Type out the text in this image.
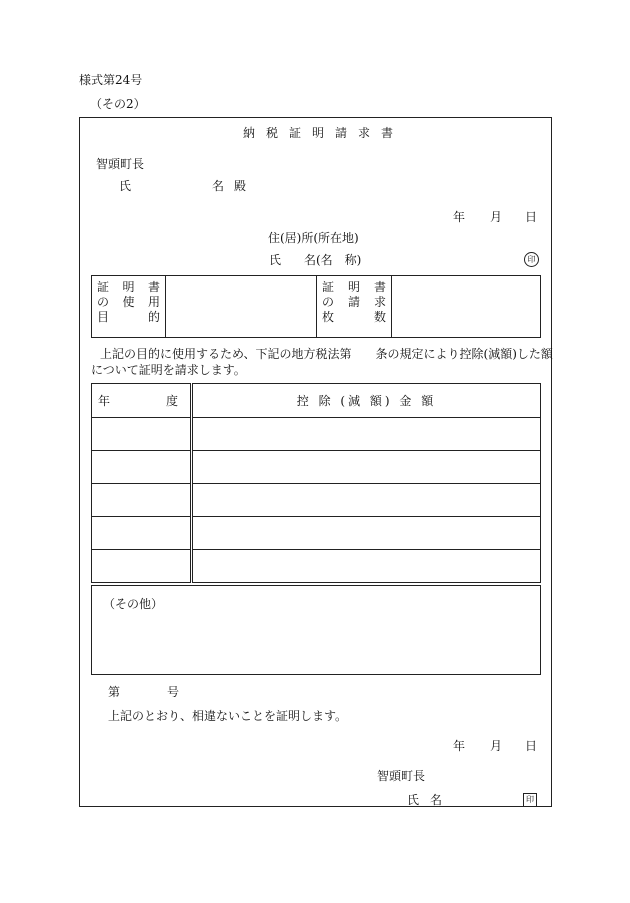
様式第24号
（その2）
納税証明請求書
智頭町長
氏	名 殿
年 月 日
住(居)所(所在地)
氏 名(名　称)	印
証 明 書
の 使 用
目	的

証 明 書
の 請 求
枚	数

上記の目的に使用するため、下記の地方税法第　　条の規定により控除(減額)した額
について証明を請求します。
年 度	控 除 (減 額) 金 額

（その他）
第	号
上記のとおり、相違ないことを証明します。
年 月 日
智頭町長
氏 名	印
